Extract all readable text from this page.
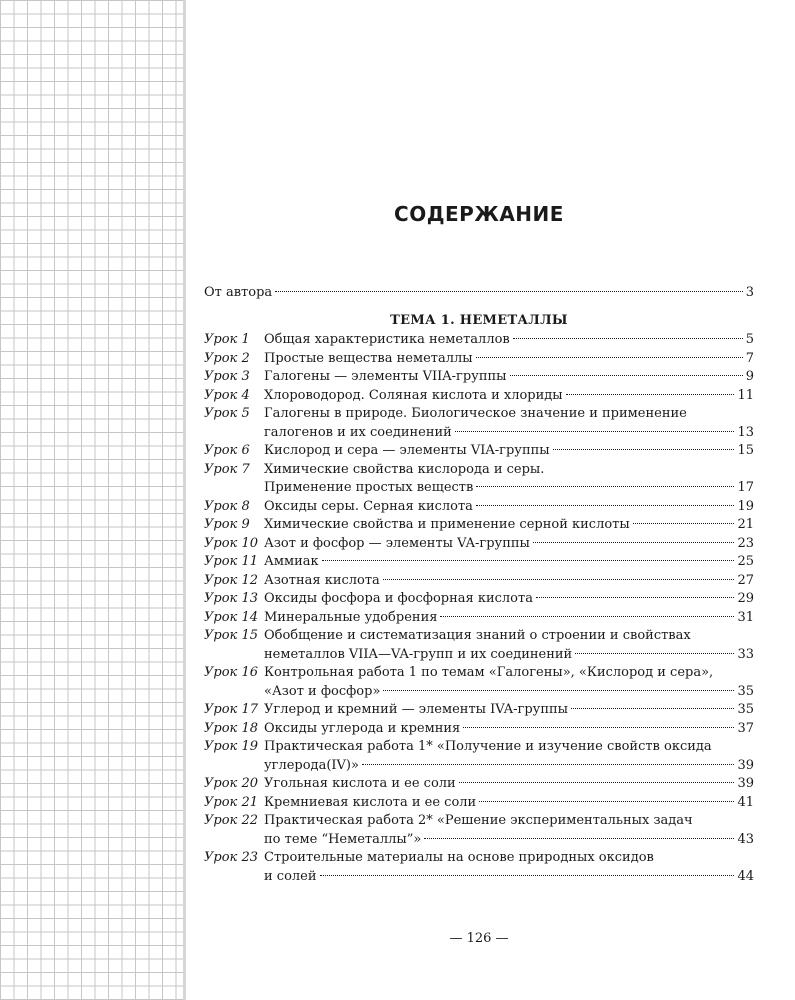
СОДЕРЖАНИЕ
От автора	3
ТЕМА 1. НЕМЕТАЛЛЫ
Урок 1	Общая характеристика неметаллов	5
Урок 2	Простые вещества неметаллы	7
Урок 3	Галогены — элементы VIIA-группы	9
Урок 4	Хлороводород. Соляная кислота и хлориды	11
Урок 5	Галогены в природе. Биологическое значение и применение
галогенов и их соединений	13
Урок 6	Кислород и сера — элементы VIA-группы	15
Урок 7	Химические свойства кислорода и серы.
Применение простых веществ	17
Урок 8	Оксиды серы. Серная кислота	19
Урок 9	Химические свойства и применение серной кислоты	21
Урок 10 Азот и фосфор — элементы VA-группы	23
Урок 11 Аммиак	25
Урок 12 Азотная кислота	27
Урок 13 Оксиды фосфора и фосфорная кислота	29
Урок 14 Минеральные удобрения	31
Урок 15 Обобщение и систематизация знаний о строении и свойствах
неметаллов VIIA—VA-групп и их соединений	33
Урок 16 Контрольная работа 1 по темам «Галогены», «Кислород и сера»,
«Азот и фосфор»	35
Урок 17 Углерод и кремний — элементы IVA-группы	35
Урок 18 Оксиды углерода и кремния	37
Урок 19 Практическая работа 1* «Получение и изучение свойств оксида
углерода(IV)»	39
Урок 20 Угольная кислота и ее соли	39
Урок 21 Кремниевая кислота и ее соли	41
Урок 22 Практическая работа 2* «Решение экспериментальных задач
по теме “Неметаллы”»	43
Урок 23 Строительные материалы на основе природных оксидов
и солей	44
— 126 —
